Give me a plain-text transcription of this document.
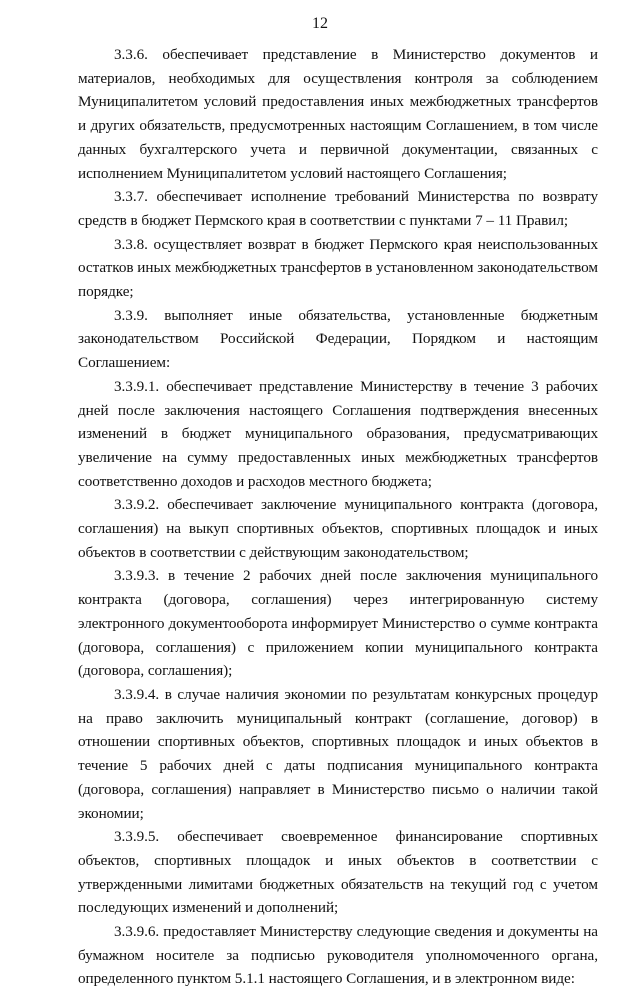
12

3.3.6. обеспечивает представление в Министерство документов и материалов, необходимых для осуществления контроля за соблюдением Муниципалитетом условий предоставления иных межбюджетных трансфертов и других обязательств, предусмотренных настоящим Соглашением, в том числе данных бухгалтерского учета и первичной документации, связанных с исполнением Муниципалитетом условий настоящего Соглашения;

3.3.7. обеспечивает исполнение требований Министерства по возврату средств в бюджет Пермского края в соответствии с пунктами 7 – 11 Правил;

3.3.8. осуществляет возврат в бюджет Пермского края неиспользованных остатков иных межбюджетных трансфертов в установленном законодательством порядке;

3.3.9. выполняет иные обязательства, установленные бюджетным законодательством Российской Федерации, Порядком и настоящим Соглашением:

3.3.9.1. обеспечивает представление Министерству в течение 3 рабочих дней после заключения настоящего Соглашения подтверждения внесенных изменений в бюджет муниципального образования, предусматривающих увеличение на сумму предоставленных иных межбюджетных трансфертов соответственно доходов и расходов местного бюджета;

3.3.9.2. обеспечивает заключение муниципального контракта (договора, соглашения) на выкуп спортивных объектов, спортивных площадок и иных объектов в соответствии с действующим законодательством;

3.3.9.3. в течение 2 рабочих дней после заключения муниципального контракта (договора, соглашения) через интегрированную систему электронного документооборота информирует Министерство о сумме контракта (договора, соглашения) с приложением копии муниципального контракта (договора, соглашения);

3.3.9.4. в случае наличия экономии по результатам конкурсных процедур на право заключить муниципальный контракт (соглашение, договор) в отношении спортивных объектов, спортивных площадок и иных объектов в течение 5 рабочих дней с даты подписания муниципального контракта (договора, соглашения) направляет в Министерство письмо о наличии такой экономии;

3.3.9.5. обеспечивает своевременное финансирование спортивных объектов, спортивных площадок и иных объектов в соответствии с утвержденными лимитами бюджетных обязательств на текущий год с учетом последующих изменений и дополнений;

3.3.9.6. предоставляет Министерству следующие сведения и документы на бумажном носителе за подписью руководителя уполномоченного органа, определенного пунктом 5.1.1 настоящего Соглашения, и в электронном виде:
